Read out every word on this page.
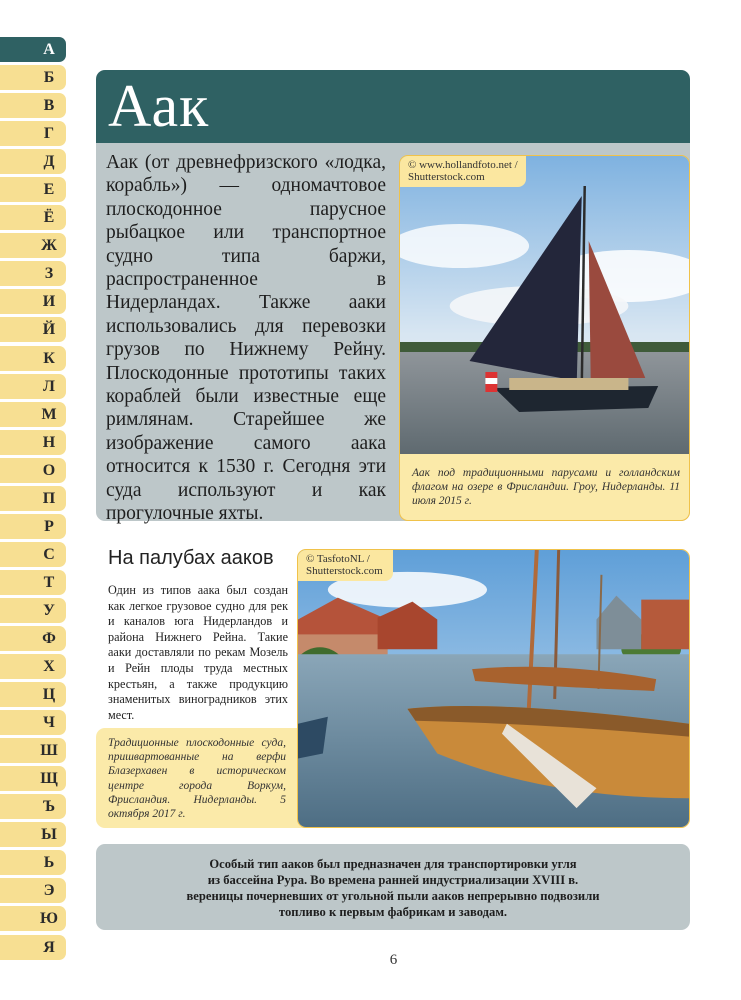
А
Б
В
Г
Д
Е
Ё
Ж
З
И
Й
К
Л
М
Н
О
П
Р
С
Т
У
Ф
Х
Ц
Ч
Ш
Щ
Ъ
Ы
Ь
Э
Ю
Я
Аак
Аак (от древнефризского «лодка, корабль») — одномачтовое плоскодонное парусное рыбацкое или транспортное судно типа баржи, распространенное в Нидерландах. Также ааки использовались для перевозки грузов по Нижнему Рейну. Плоскодонные прототипы таких кораблей были известные еще римлянам. Старейшее же изображение самого аака относится к 1530 г. Сегодня эти суда используют и как прогулочные яхты.
© www.hollandfoto.net /
Shutterstock.com
Аак под традиционными парусами и голландским флагом на озере в Фрисландии. Гроу, Нидерланды. 11 июля 2015 г.
На палубах ааков
Один из типов аака был создан как легкое грузовое судно для рек и каналов юга Нидерландов и района Нижнего Рейна. Такие ааки доставляли по рекам Мозель и Рейн плоды труда местных крестьян, а также продукцию знаменитых виноградников этих мест.
Традиционные плоскодонные суда, пришвартованные на верфи Блазерхавен в историческом центре города Воркум, Фрисландия. Нидерланды. 5 октября 2017 г.
© TasfotoNL /
Shutterstock.com

Особый тип ааков был предназначен для транспортировки угля
из бассейна Рура. Во времена ранней индустриализации XVIII в.
вереницы почерневших от угольной пыли ааков непрерывно подвозили
топливо к первым фабрикам и заводам.

6
